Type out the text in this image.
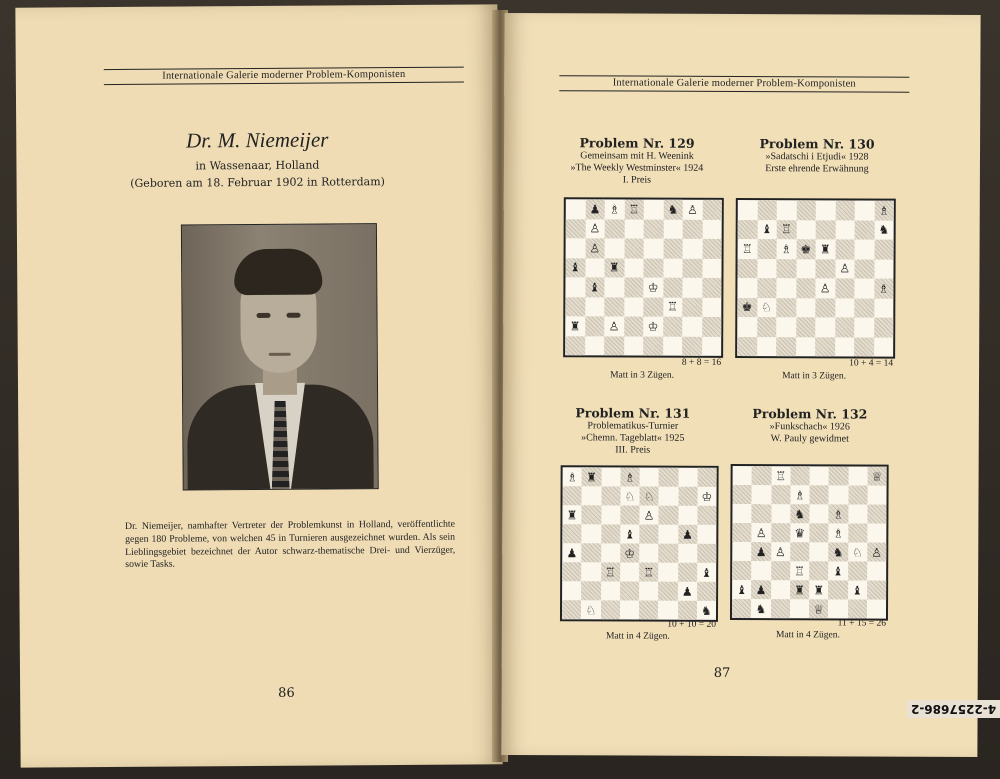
Internationale Galerie moderner Problem-Komponisten
Dr. M. Niemeijer
in Wassenaar, Holland
(Geboren am 18. Februar 1902 in Rotterdam)
Dr. Niemeijer, namhafter Vertreter der Problemkunst in Holland, veröffentlichte gegen 180 Probleme, von welchen 45 in Turnieren ausgezeichnet wurden. Als sein Lieblingsgebiet bezeichnet der Autor schwarz-thematische Drei- und Vierzüger, sowie Tasks.
86
Internationale Galerie moderner Problem-Komponisten
Problem Nr. 129
Gemeinsam mit H. Weenink
»The Weekly Westminster« 1924
I. Preis
♟ ♗ ♖ ♞ ♙
♙
♙
♝ ♜
♝	♔
♖
♜ ♙ ♔
8 + 8 = 16
Matt in 3 Zügen.
Problem Nr. 130
»Sadatschi i Etjudi« 1928
Erste ehrende Erwähnung
♗
♝ ♖	♞
♖ ♗ ♚ ♜
♙
♙	♗
♚ ♘
10 + 4 = 14
Matt in 3 Zügen.
Problem Nr. 131
Problematikus-Turnier
»Chemn. Tageblatt« 1925
III. Preis
♗ ♜ ♗
♘ ♘	♔
♜	♙
♝	♟
♟	♔
♖ ♖	♝
♟
♘	♞
10 + 10 = 20
Matt in 4 Zügen.
Problem Nr. 132
»Funkschach« 1926
W. Pauly gewidmet
♖	♕
♗
♞ ♗
♙ ♛ ♗
♟ ♙	♞ ♘ ♙
♖ ♝
♝ ♟ ♜ ♜ ♝
♞	♕
11 + 15 = 26
Matt in 4 Zügen.
87
4-2257686-2
